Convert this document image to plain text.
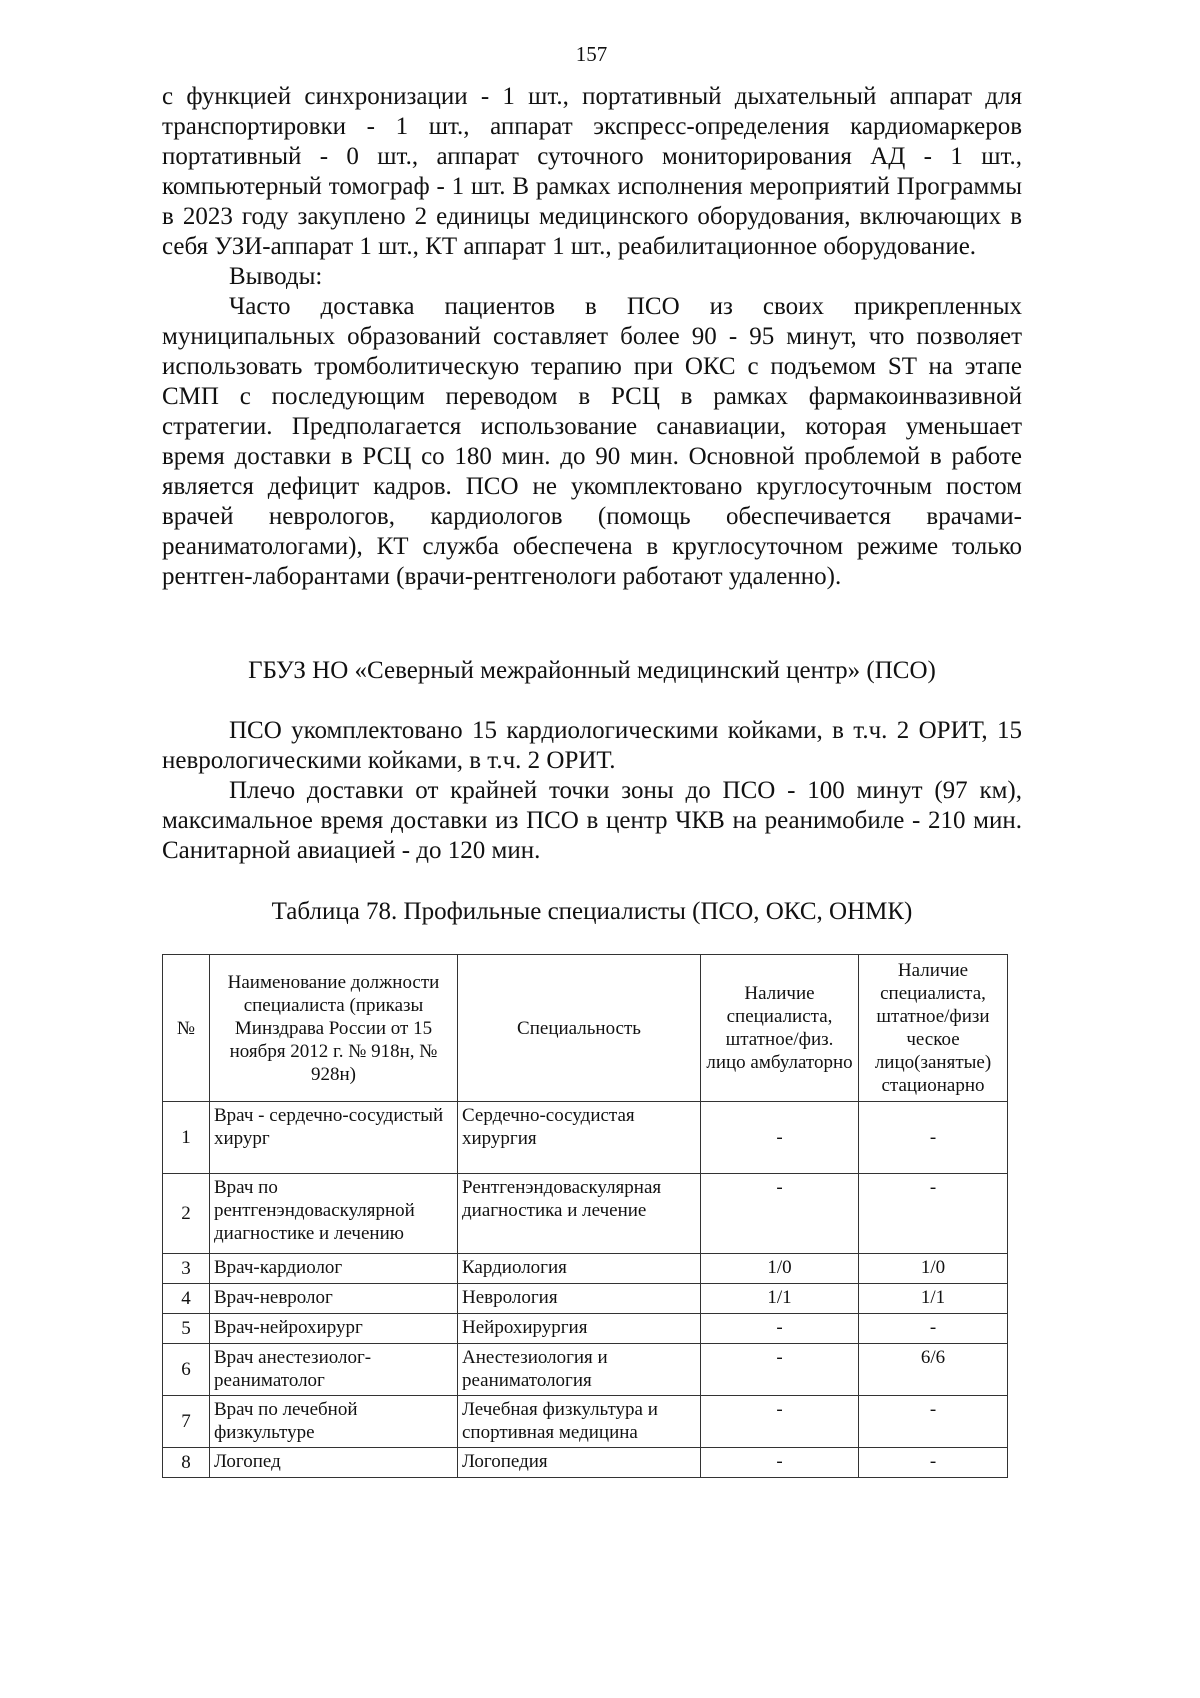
157

с функцией синхронизации - 1 шт., портативный дыхательный аппарат для транспортировки - 1 шт., аппарат экспресс-определения кардиомаркеров портативный - 0 шт., аппарат суточного мониторирования АД - 1 шт., компьютерный томограф - 1 шт. В рамках исполнения мероприятий Программы в 2023 году закуплено 2 единицы медицинского оборудования, включающих в себя УЗИ-аппарат 1 шт., КТ аппарат 1 шт., реабилитационное оборудование.

Выводы:

Часто доставка пациентов в ПСО из своих прикрепленных муниципальных образований составляет более 90 - 95 минут, что позволяет использовать тромболитическую терапию при ОКС с подъемом ST на этапе СМП с последующим переводом в РСЦ в рамках фармакоинвазивной стратегии. Предполагается использование санавиации, которая уменьшает время доставки в РСЦ со 180 мин. до 90 мин. Основной проблемой в работе является дефицит кадров. ПСО не укомплектовано круглосуточным постом врачей неврологов, кардиологов (помощь обеспечивается врачами-реаниматологами), КТ служба обеспечена в круглосуточном режиме только рентген-лаборантами (врачи-рентгенологи работают удаленно).

ГБУЗ НО «Северный межрайонный медицинский центр» (ПСО)

ПСО укомплектовано 15 кардиологическими койками, в т.ч. 2 ОРИТ, 15 неврологическими койками, в т.ч. 2 ОРИТ.

Плечо доставки от крайней точки зоны до ПСО - 100 минут (97 км), максимальное время доставки из ПСО в центр ЧКВ на реанимобиле - 210 мин. Санитарной авиацией - до 120 мин.

Таблица 78. Профильные специалисты (ПСО, ОКС, ОНМК)
№	Наименование должности специалиста (приказы Минздрава России от 15 ноября 2012 г. № 918н, № 928н)	Специальность	Наличие специалиста, штатное/физ. лицо амбулаторно	Наличие специалиста, штатное/физи ческое лицо(занятые) стационарно
1	Врач - сердечно-сосудистый хирург	Сердечно-сосудистая хирургия	-	-
2	Врач по рентгенэндоваскулярной диагностике и лечению	Рентгенэндоваскулярная диагностика и лечение	-	-
3	Врач-кардиолог	Кардиология	1/0	1/0
4	Врач-невролог	Неврология	1/1	1/1
5	Врач-нейрохирург	Нейрохирургия	-	-
6	Врач анестезиолог-реаниматолог	Анестезиология и реаниматология	-	6/6
7	Врач по лечебной физкультуре	Лечебная физкультура и спортивная медицина	-	-
8	Логопед	Логопедия	-	-
